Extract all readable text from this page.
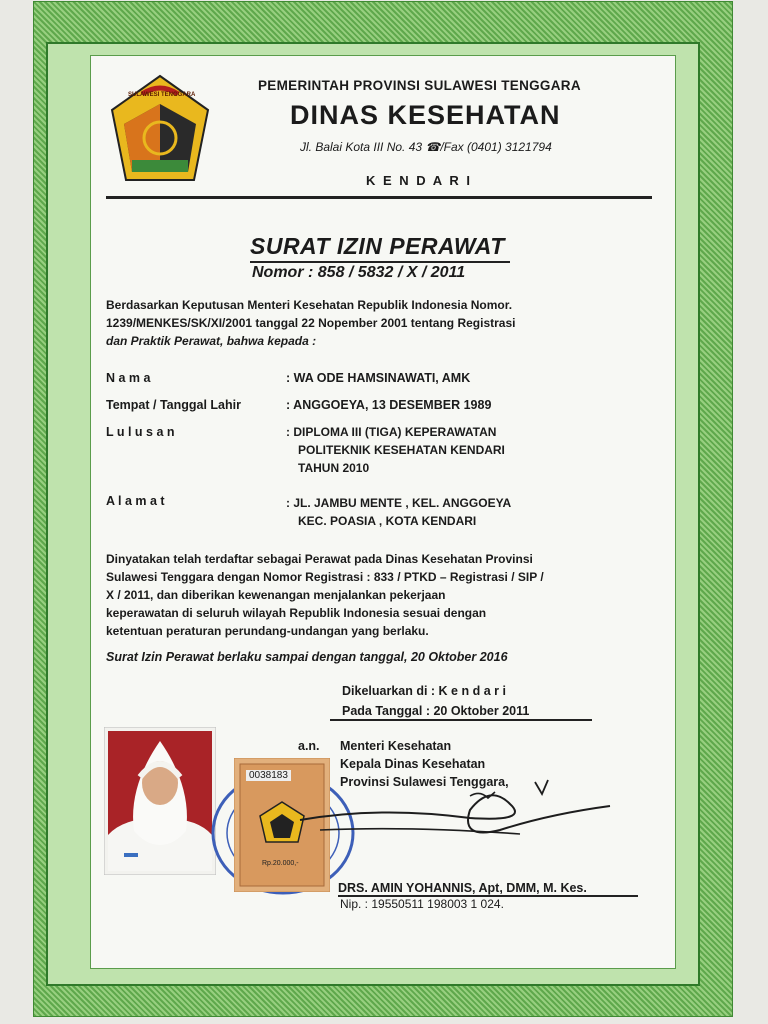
SULAWESI TENGGARA
PEMERINTAH PROVINSI SULAWESI TENGGARA
DINAS KESEHATAN
Jl. Balai Kota III No. 43 ☎/Fax (0401) 3121794
K E N D A R I
SURAT IZIN PERAWAT
Nomor : 858 / 5832 / X / 2011
Berdasarkan Keputusan Menteri Kesehatan Republik Indonesia Nomor.
1239/MENKES/SK/XI/2001 tanggal 22 Nopember 2001 tentang Registrasi
dan Praktik Perawat, bahwa kepada :
N a m a	: WA ODE HAMSINAWATI, AMK
Tempat / Tanggal Lahir	: ANGGOEYA, 13 DESEMBER 1989
L u l u s a n	: DIPLOMA III (TIGA) KEPERAWATAN
POLITEKNIK KESEHATAN KENDARI
TAHUN 2010
A l a m a t	: JL. JAMBU MENTE , KEL. ANGGOEYA
KEC. POASIA , KOTA KENDARI
Dinyatakan telah terdaftar sebagai Perawat pada Dinas Kesehatan Provinsi
Sulawesi Tenggara dengan Nomor Registrasi : 833 / PTKD – Registrasi / SIP /
X / 2011, dan diberikan kewenangan menjalankan pekerjaan
keperawatan di seluruh wilayah Republik Indonesia sesuai dengan
ketentuan peraturan perundang-undangan yang berlaku.
Surat Izin Perawat berlaku sampai dengan tanggal, 20 Oktober 2016
Dikeluarkan di : K e n d a r i
Pada Tanggal : 20 Oktober 2011
a.n. Menteri Kesehatan
Kepala Dinas Kesehatan
Provinsi Sulawesi Tenggara,
0038183
Rp.20.000,-
DRS. AMIN YOHANNIS, Apt, DMM, M. Kes.
Nip. : 19550511 198003 1 024.
